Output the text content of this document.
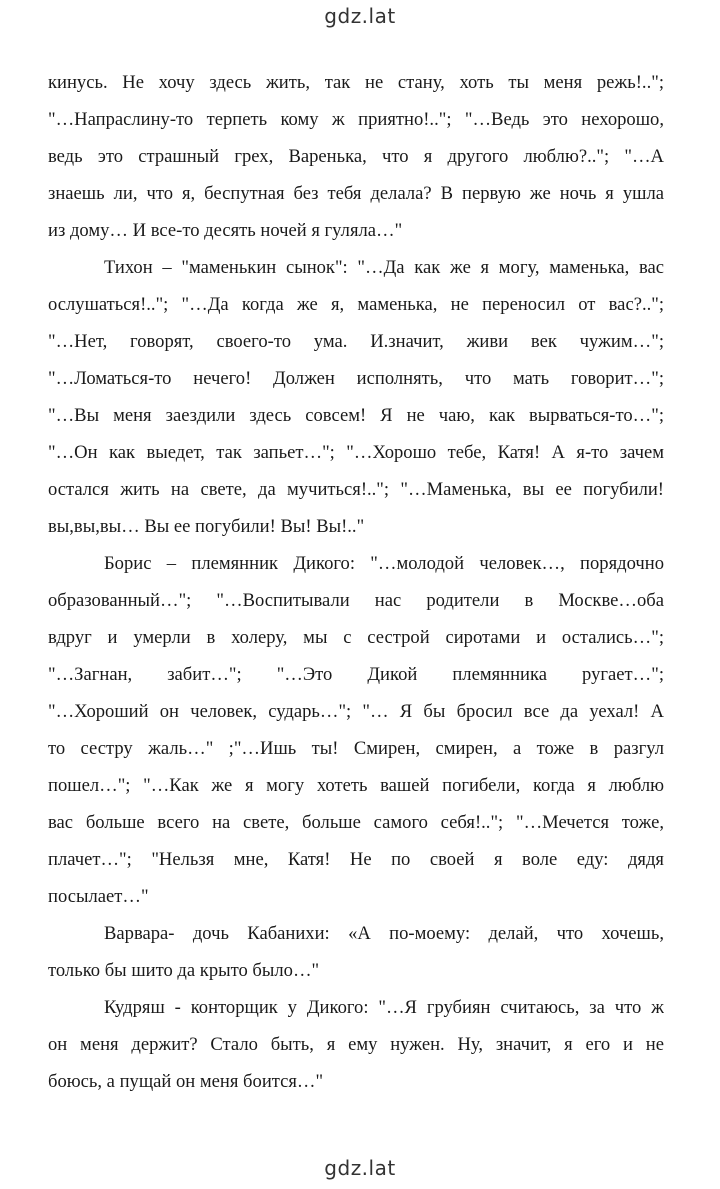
gdz.lat
кинусь. Не хочу здесь жить, так не стану, хоть ты меня режь!..";
"…Напраслину-то терпеть кому ж приятно!.."; "…Ведь это нехорошо,
ведь это страшный грех, Варенька, что я другого люблю?.."; "…А
знаешь ли, что я, беспутная без тебя делала? В первую же ночь я ушла
из дому… И все-то десять ночей я гуляла…"
Тихон – "маменькин сынок": "…Да как же я могу, маменька, вас
ослушаться!.."; "…Да когда же я, маменька, не переносил от вас?..";
"…Нет, говорят, своего-то ума. И.значит, живи век чужим…";
"…Ломаться-то нечего! Должен исполнять, что мать говорит…";
"…Вы меня заездили здесь совсем! Я не чаю, как вырваться-то…";
"…Он как выедет, так запьет…"; "…Хорошо тебе, Катя! А я-то зачем
остался жить на свете, да мучиться!.."; "…Маменька, вы ее погубили!
вы,вы,вы… Вы ее погубили! Вы! Вы!.."
Борис – племянник Дикого: "…молодой человек…, порядочно
образованный…"; "…Воспитывали нас родители в Москве…оба
вдруг и умерли в холеру, мы с сестрой сиротами и остались…";
"…Загнан, забит…"; "…Это Дикой племянника ругает…";
"…Хороший он человек, сударь…"; "… Я бы бросил все да уехал! А
то сестру жаль…" ;"…Ишь ты! Смирен, смирен, а тоже в разгул
пошел…"; "…Как же я могу хотеть вашей погибели, когда я люблю
вас больше всего на свете, больше самого себя!.."; "…Мечется тоже,
плачет…"; "Нельзя мне, Катя! Не по своей я воле еду: дядя
посылает…"
Варвара- дочь Кабанихи: «А по-моему: делай, что хочешь,
только бы шито да крыто было…"
Кудряш - конторщик у Дикого: "…Я грубиян считаюсь, за что ж
он меня держит? Стало быть, я ему нужен. Ну, значит, я его и не
боюсь, а пущай он меня боится…"
gdz.lat
